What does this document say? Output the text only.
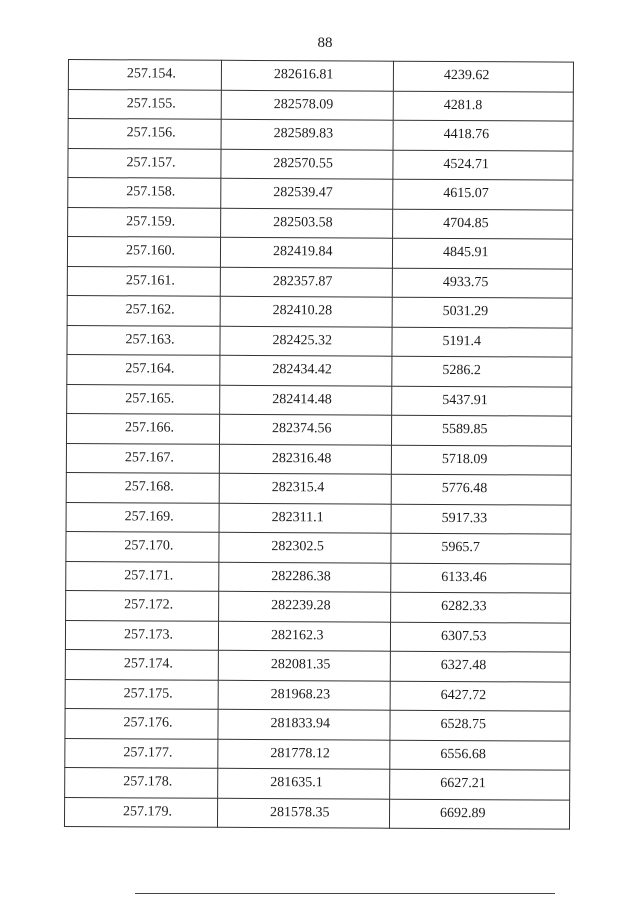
88
257.154.	282616.81	4239.62
257.155.	282578.09	4281.8
257.156.	282589.83	4418.76
257.157.	282570.55	4524.71
257.158.	282539.47	4615.07
257.159.	282503.58	4704.85
257.160.	282419.84	4845.91
257.161.	282357.87	4933.75
257.162.	282410.28	5031.29
257.163.	282425.32	5191.4
257.164.	282434.42	5286.2
257.165.	282414.48	5437.91
257.166.	282374.56	5589.85
257.167.	282316.48	5718.09
257.168.	282315.4	5776.48
257.169.	282311.1	5917.33
257.170.	282302.5	5965.7
257.171.	282286.38	6133.46
257.172.	282239.28	6282.33
257.173.	282162.3	6307.53
257.174.	282081.35	6327.48
257.175.	281968.23	6427.72
257.176.	281833.94	6528.75
257.177.	281778.12	6556.68
257.178.	281635.1	6627.21
257.179.	281578.35	6692.89
